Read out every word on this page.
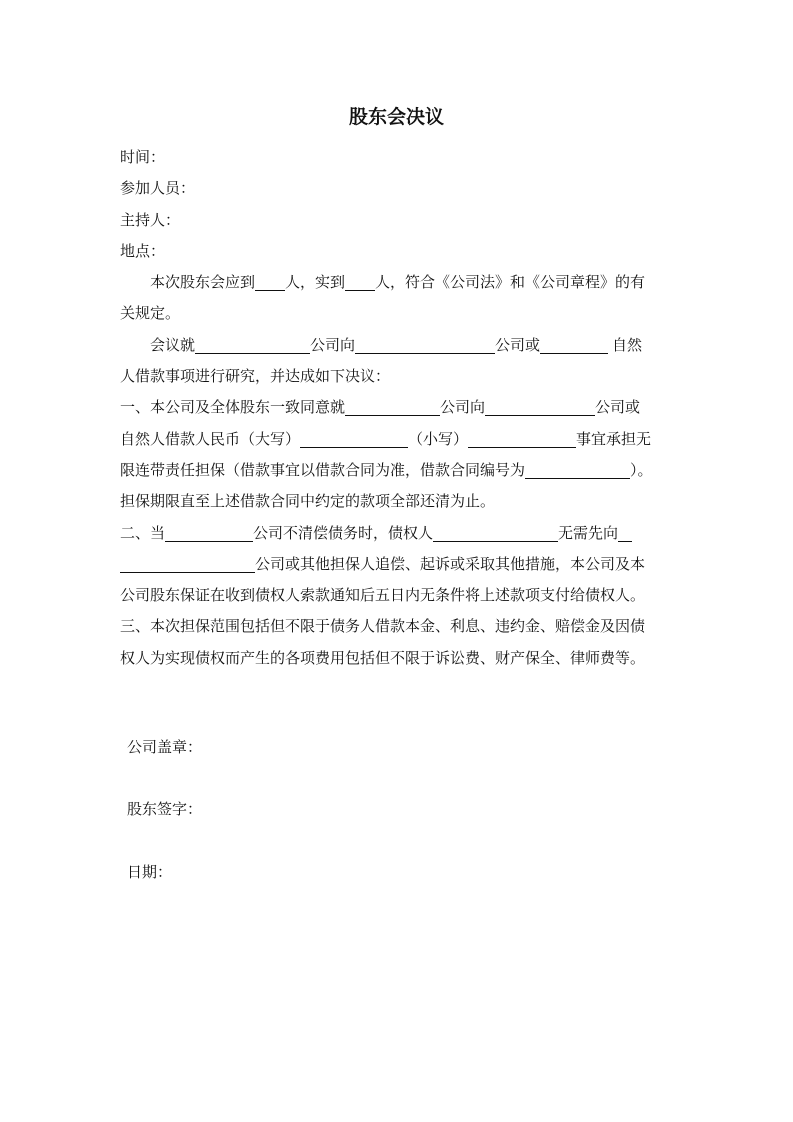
股东会决议
时间：
参加人员：
主持人：
地点：
本次股东会应到 人，实到 人，符合《公司法》和《公司章程》的有
关规定。
会议就	公司向	公司或	自然
人借款事项进行研究，并达成如下决议：
一、本公司及全体股东一致同意就	公司向	公司或
自然人借款人民币（大写）	（小写）	事宜承担无
限连带责任担保（借款事宜以借款合同为准，借款合同编号为	）。
担保期限直至上述借款合同中约定的款项全部还清为止。
二、当	公司不清偿债务时，债权人	无需先向
公司或其他担保人追偿、起诉或采取其他措施，本公司及本
公司股东保证在收到债权人索款通知后五日内无条件将上述款项支付给债权人。
三、本次担保范围包括但不限于债务人借款本金、利息、违约金、赔偿金及因债
权人为实现债权而产生的各项费用包括但不限于诉讼费、财产保全、律师费等。
公司盖章：
股东签字：
日期：
